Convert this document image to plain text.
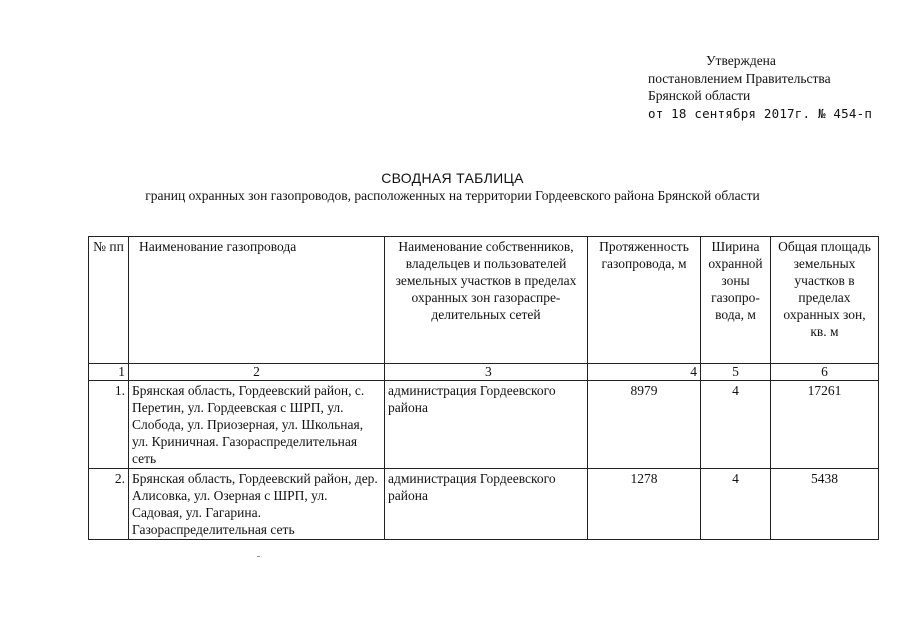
Утверждена
постановлением Правительства
Брянской области
от 18 сентября 2017г. № 454-п
СВОДНАЯ ТАБЛИЦА
границ охранных зон газопроводов, расположенных на территории Гордеевского района Брянской области
№ пп	Наименование газопровода	Наименование собственников, владельцев и пользователей земельных участков в пределах охранных зон газораспре-делительных сетей	Протяженность газопровода, м	Ширина охранной зоны газопро-вода, м	Общая площадь земельных участков в пределах охранных зон, кв. м
1	2	3	4	5	6
1.	Брянская область, Гордеевский район, с. Перетин, ул. Гордеевская с ШРП, ул. Слобода, ул. Приозерная, ул. Школьная, ул. Криничная. Газораспределительная сеть	администрация Гордеевского района	8979	4	17261
2.	Брянская область, Гордеевский район, дер. Алисовка, ул. Озерная с ШРП, ул. Садовая, ул. Гагарина. Газораспределительная сеть	администрация Гордеевского района	1278	4	5438
